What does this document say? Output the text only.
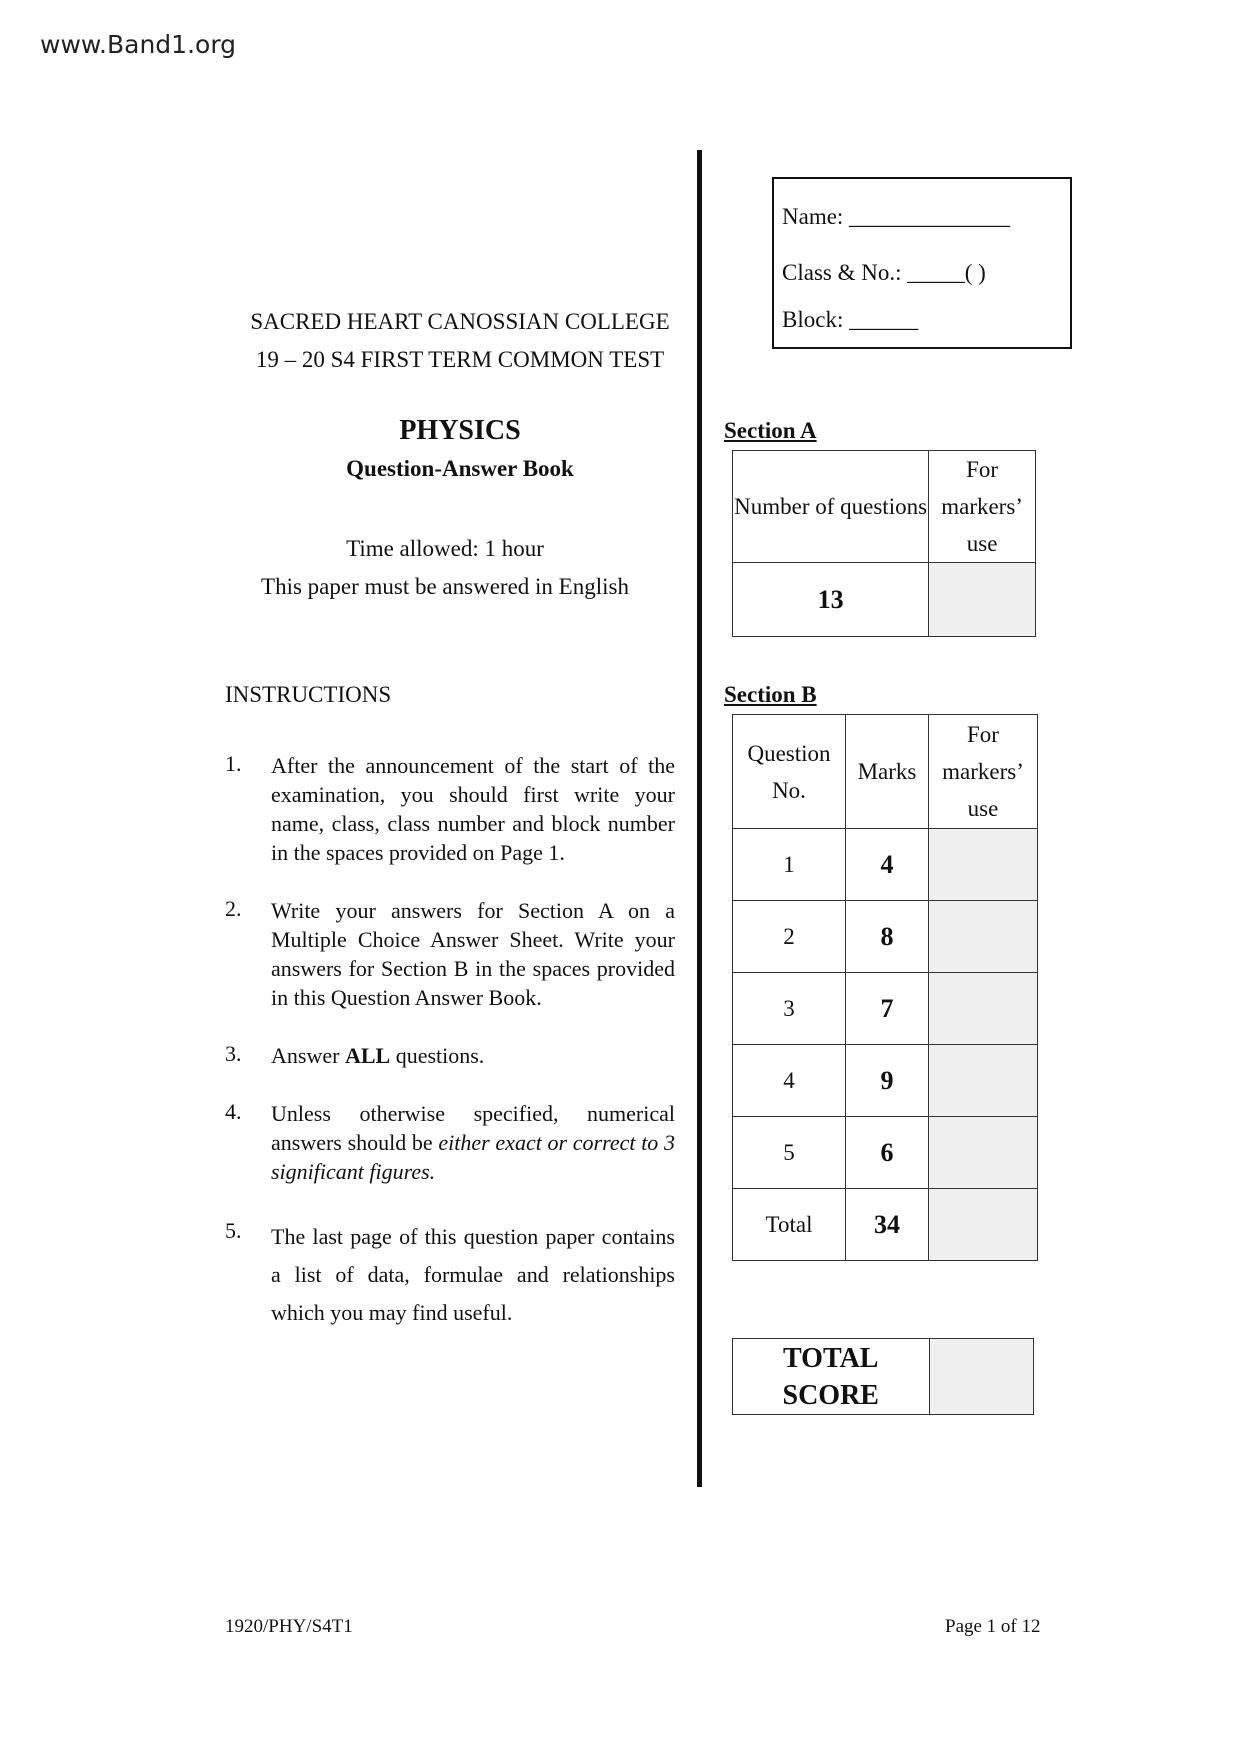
www.Band1.org
SACRED HEART CANOSSIAN COLLEGE
19 – 20 S4 FIRST TERM COMMON TEST
PHYSICS
Question-Answer Book
Time allowed: 1 hour
This paper must be answered in English
INSTRUCTIONS
1. After the announcement of the start of the examination, you should first write your name, class, class number and block number in the spaces provided on Page 1.
2. Write your answers for Section A on a Multiple Choice Answer Sheet. Write your answers for Section B in the spaces provided in this Question Answer Book.
3. Answer ALL questions.
4. Unless otherwise specified, numerical answers should be either exact or correct to 3 significant figures.
5. The last page of this question paper contains a list of data, formulae and relationships which you may find useful.
Name: ______________
Class & No.: _____( )
Block: ______
Section A
Number of questions	For markers’ use
13	
Section B
Question No.	Marks	For markers’ use
1	4	
2	8	
3	7	
4	9	
5	6	
Total	34	
TOTAL
SCORE

1920/PHY/S4T1	Page 1 of 12
